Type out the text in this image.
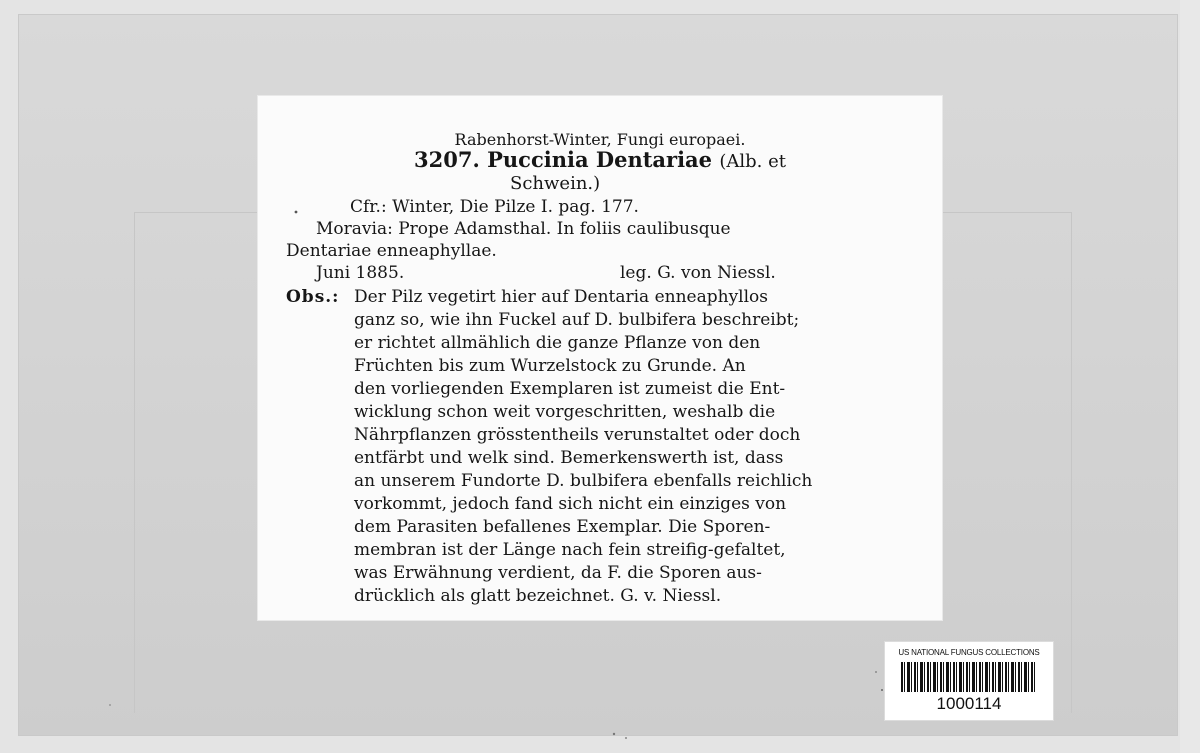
Rabenhorst-Winter, Fungi europaei.
3207. Puccinia Dentariae (Alb. et
Schwein.)
Cfr.: Winter, Die Pilze I. pag. 177.
Moravia: Prope Adamsthal. In foliis caulibusque
Dentariae enneaphyllae.
Juni 1885.	leg. G. von Niessl.
Obs.: Der Pilz vegetirt hier auf Dentaria enneaphyllos
ganz so, wie ihn Fuckel auf D. bulbifera beschreibt;
er richtet allmählich die ganze Pflanze von den
Früchten bis zum Wurzelstock zu Grunde. An
den vorliegenden Exemplaren ist zumeist die Ent-
wicklung schon weit vorgeschritten, weshalb die
Nährpflanzen grösstentheils verunstaltet oder doch
entfärbt und welk sind. Bemerkenswerth ist, dass
an unserem Fundorte D. bulbifera ebenfalls reichlich
vorkommt, jedoch fand sich nicht ein einziges von
dem Parasiten befallenes Exemplar. Die Sporen-
membran ist der Länge nach fein streifig-gefaltet,
was Erwähnung verdient, da F. die Sporen aus-
drücklich als glatt bezeichnet. G. v. Niessl.
US NATIONAL FUNGUS COLLECTIONS
1000114
